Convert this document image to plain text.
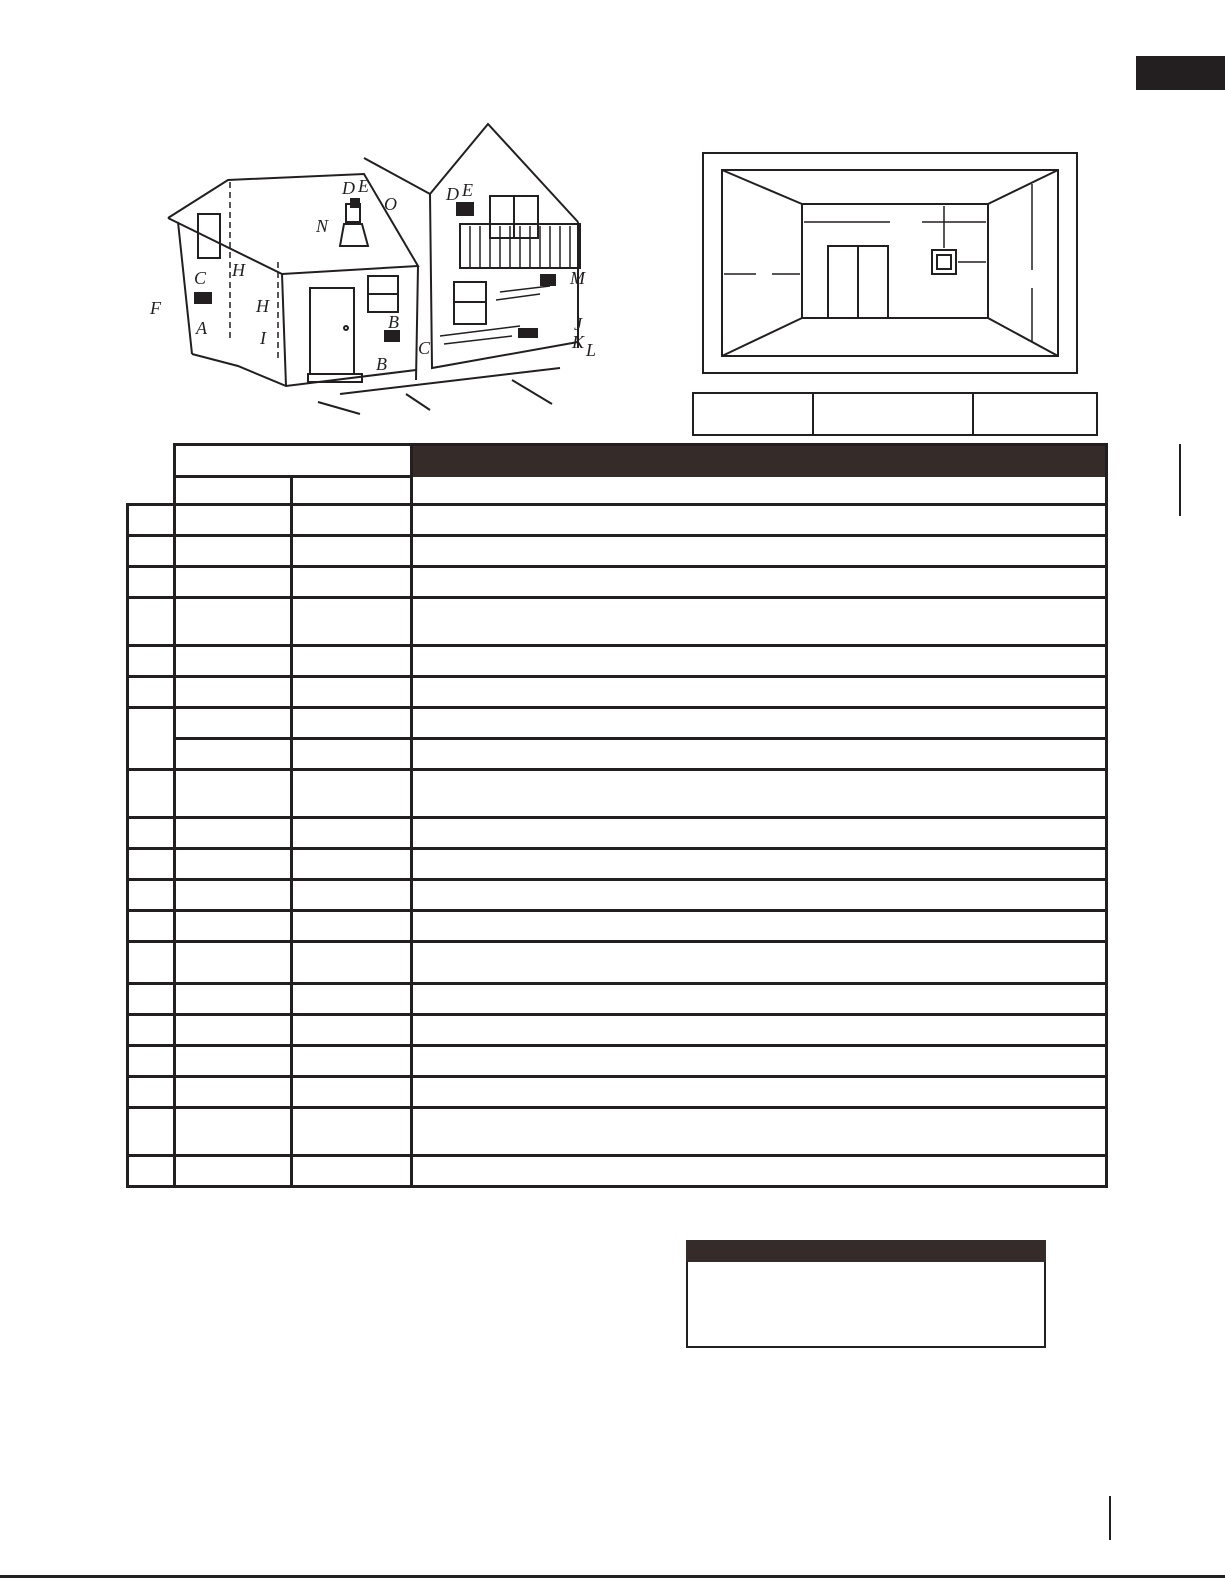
C H
H
F
A	I
B
B
C
D E
O
N
D E
M
J
K L
